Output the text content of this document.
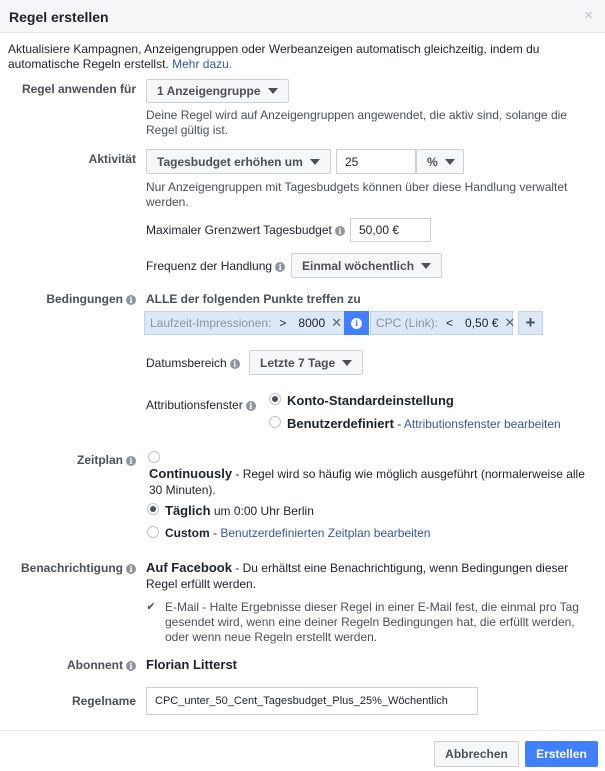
Regel erstellen	×
Aktualisiere Kampagnen, Anzeigengruppen oder Werbeanzeigen automatisch gleichzeitig, indem du automatische Regeln erstellst. Mehr dazu.
Regel anwenden für 1 Anzeigengruppe
Deine Regel wird auf Anzeigengruppen angewendet, die aktiv sind, solange die Regel gültig ist.
Aktivität Tagesbudget erhöhen um	25	%
Nur Anzeigengruppen mit Tagesbudgets können über diese Handlung verwaltet werden.
Maximaler Grenzwert Tagesbudget i	50,00 €
Frequenz der Handlung i Einmal wöchentlich
Bedingungen i ALLE der folgenden Punkte treffen zu
Laufzeit-Impressionen: > 8000 ✕	i	CPC (Link): < 0,50 € ✕ +
Datumsbereich i Letzte 7 Tage
Attributionsfenster i	Konto-Standardeinstellung
Benutzerdefiniert - Attributionsfenster bearbeiten
Zeitplan i
Continuously - Regel wird so häufig wie möglich ausgeführt (normalerweise alle 30 Minuten).
Täglich um 0:00 Uhr Berlin
Custom - Benutzerdefinierten Zeitplan bearbeiten
Benachrichtigung i Auf Facebook - Du erhältst eine Benachrichtigung, wenn Bedingungen dieser Regel erfüllt werden.
✔ E-Mail - Halte Ergebnisse dieser Regel in einer E-Mail fest, die einmal pro Tag gesendet wird, wenn eine deiner Regeln Bedingungen hat, die erfüllt werden, oder wenn neue Regeln erstellt werden.
Abonnent i Florian Litterst
Regelname	CPC_unter_50_Cent_Tagesbudget_Plus_25%_Wöchentlich
Abbrechen	Erstellen
